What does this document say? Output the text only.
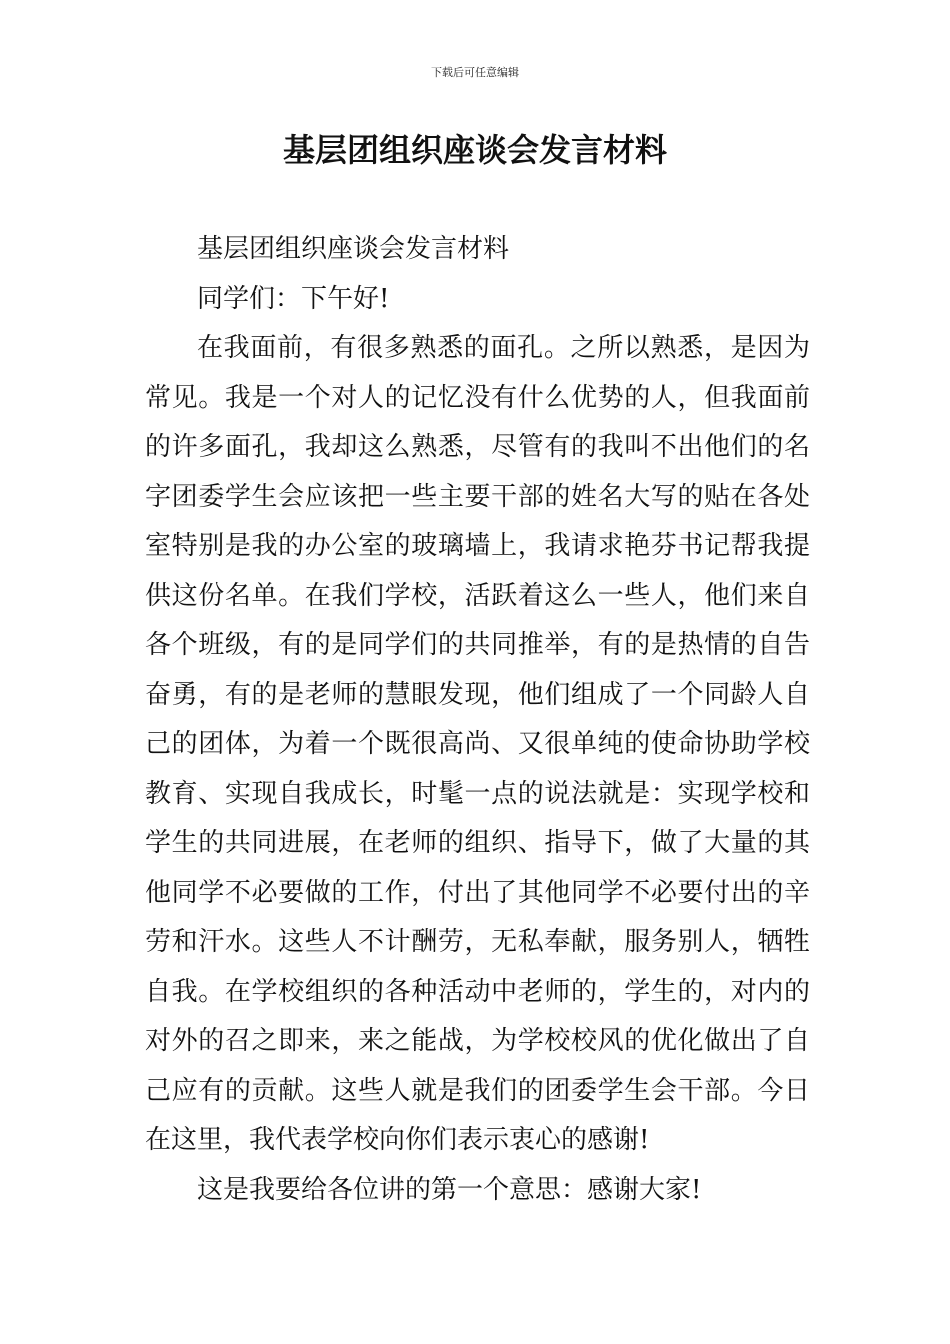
下载后可任意编辑
基层团组织座谈会发言材料

基层团组织座谈会发言材料

同学们：下午好!

在我面前，有很多熟悉的面孔。之所以熟悉，是因为常见。我是一个对人的记忆没有什么优势的人，但我面前的许多面孔，我却这么熟悉，尽管有的我叫不出他们的名字团委学生会应该把一些主要干部的姓名大写的贴在各处室特别是我的办公室的玻璃墙上，我请求艳芬书记帮我提供这份名单。在我们学校，活跃着这么一些人，他们来自各个班级，有的是同学们的共同推举，有的是热情的自告奋勇，有的是老师的慧眼发现，他们组成了一个同龄人自己的团体，为着一个既很高尚、又很单纯的使命协助学校教育、实现自我成长，时髦一点的说法就是：实现学校和学生的共同进展，在老师的组织、指导下，做了大量的其他同学不必要做的工作，付出了其他同学不必要付出的辛劳和汗水。这些人不计酬劳，无私奉献，服务别人，牺牲自我。在学校组织的各种活动中老师的，学生的，对内的对外的召之即来，来之能战，为学校校风的优化做出了自己应有的贡献。这些人就是我们的团委学生会干部。今日在这里，我代表学校向你们表示衷心的感谢!

这是我要给各位讲的第一个意思：感谢大家!
